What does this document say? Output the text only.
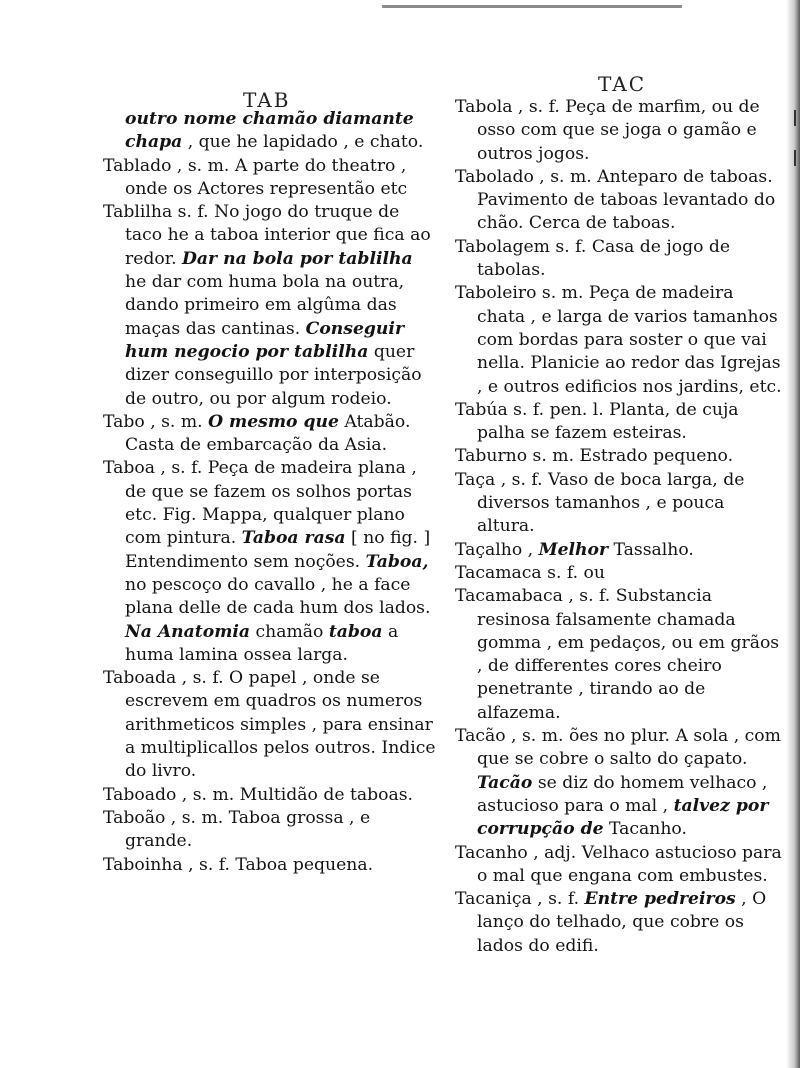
TAB
TAC

outro nome chamão diamante chapa , que he lapidado , e chato.

Tablado , s. m. A parte do theatro , onde os Actores representão etc

Tablilha s. f. No jogo do truque de taco he a taboa interior que fica ao redor. Dar na bola por tablilha he dar com huma bola na outra, dando primeiro em algûma das maças das cantinas. Conseguir hum negocio por tablilha quer dizer conseguillo por interposição de outro, ou por algum rodeio.

Tabo , s. m. O mesmo que Atabão. Casta de embarcação da Asia.

Taboa , s. f. Peça de madeira plana , de que se fazem os solhos portas etc. Fig. Mappa, qualquer plano com pintura. Taboa rasa [ no fig. ] Entendimento sem noções. Taboa, no pescoço do cavallo , he a face plana delle de cada hum dos lados. Na Anatomia chamão taboa a huma lamina ossea larga.

Taboada , s. f. O papel , onde se escrevem em quadros os numeros arithmeticos simples , para ensinar a multiplicallos pelos outros. Indice do livro.

Taboado , s. m. Multidão de taboas.

Taboão , s. m. Taboa grossa , e grande.

Taboinha , s. f. Taboa pequena.

Tabola , s. f. Peça de marfim, ou de osso com que se joga o gamão e outros jogos.

Tabolado , s. m. Anteparo de taboas. Pavimento de taboas levantado do chão. Cerca de taboas.

Tabolagem s. f. Casa de jogo de tabolas.

Taboleiro s. m. Peça de madeira chata , e larga de varios tamanhos com bordas para soster o que vai nella. Planicie ao redor das Igrejas , e outros edificios nos jardins, etc.

Tabúa s. f. pen. l. Planta, de cuja palha se fazem esteiras.

Taburno s. m. Estrado pequeno.

Taça , s. f. Vaso de boca larga, de diversos tamanhos , e pouca altura.

Taçalho , Melhor Tassalho.

Tacamaca s. f. ou

Tacamabaca , s. f. Substancia resinosa falsamente chamada gomma , em pedaços, ou em grãos , de differentes cores cheiro penetrante , tirando ao de alfazema.

Tacão , s. m. ões no plur. A sola , com que se cobre o salto do çapato. Tacão se diz do homem velhaco , astucioso para o mal , talvez por corrupção de Tacanho.

Tacanho , adj. Velhaco astucioso para o mal que engana com embustes.

Tacaniça , s. f. Entre pedreiros , O lanço do telhado, que cobre os lados do edifi.
